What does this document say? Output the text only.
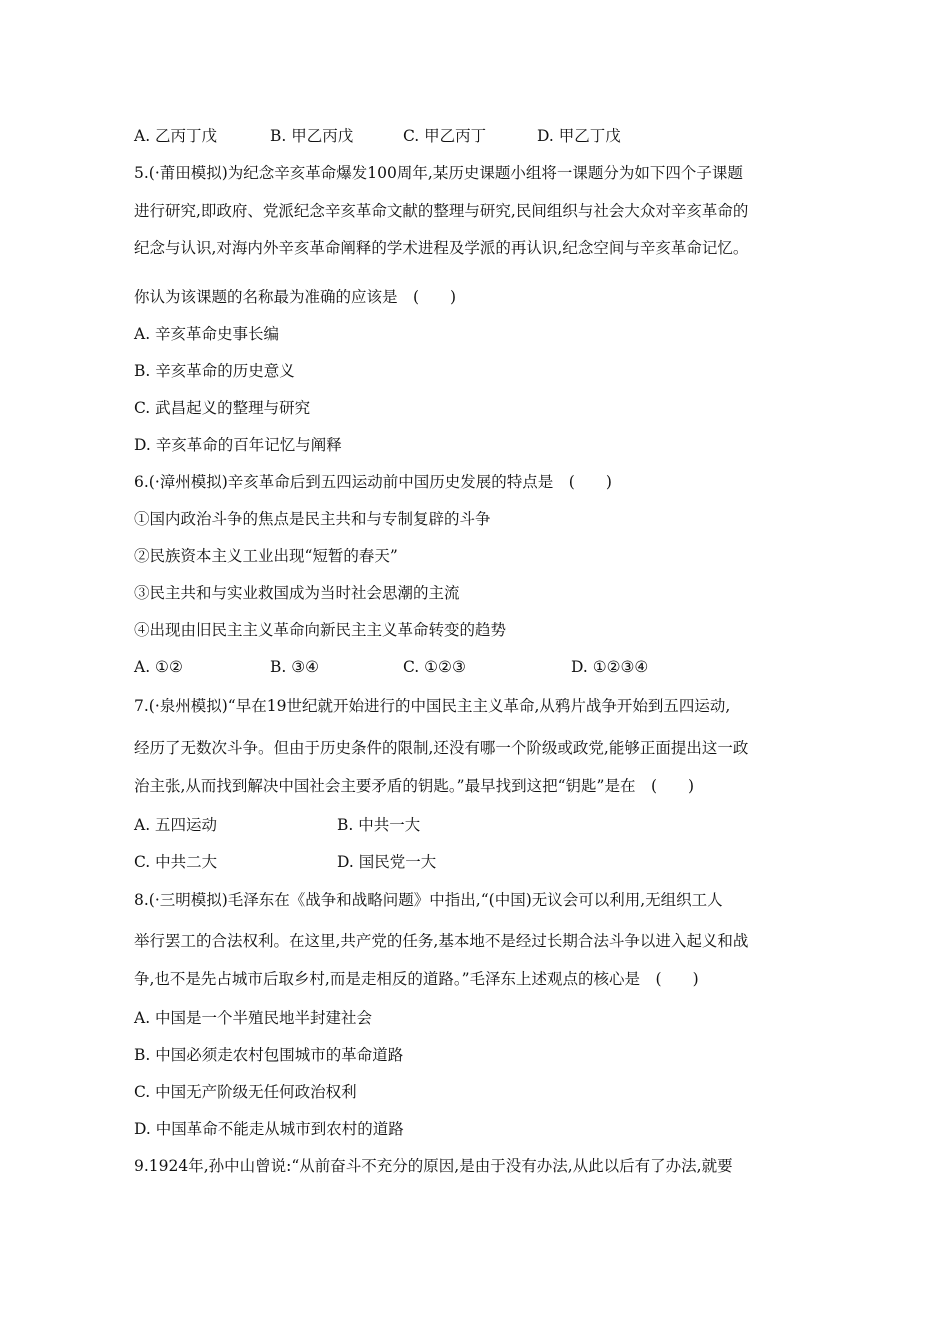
A. 乙丙丁戊	B. 甲乙丙戊	C. 甲乙丙丁	D. 甲乙丁戊
5.(·莆田模拟)为纪念辛亥革命爆发100周年,某历史课题小组将一课题分为如下四个子课题
进行研究,即政府、党派纪念辛亥革命文献的整理与研究,民间组织与社会大众对辛亥革命的
纪念与认识,对海内外辛亥革命阐释的学术进程及学派的再认识,纪念空间与辛亥革命记忆。
你认为该课题的名称最为准确的应该是　(　　)
A. 辛亥革命史事长编
B. 辛亥革命的历史意义
C. 武昌起义的整理与研究
D. 辛亥革命的百年记忆与阐释
6.(·漳州模拟)辛亥革命后到五四运动前中国历史发展的特点是　(　　)
①国内政治斗争的焦点是民主共和与专制复辟的斗争
②民族资本主义工业出现“短暂的春天”
③民主共和与实业救国成为当时社会思潮的主流
④出现由旧民主主义革命向新民主主义革命转变的趋势
A. ①②	B. ③④	C. ①②③	D. ①②③④
7.(·泉州模拟)“早在19世纪就开始进行的中国民主主义革命,从鸦片战争开始到五四运动,
经历了无数次斗争。但由于历史条件的限制,还没有哪一个阶级或政党,能够正面提出这一政
治主张,从而找到解决中国社会主要矛盾的钥匙。”最早找到这把“钥匙”是在　(　　)
A. 五四运动	B. 中共一大
C. 中共二大	D. 国民党一大
8.(·三明模拟)毛泽东在《战争和战略问题》中指出,“(中国)无议会可以利用,无组织工人
举行罢工的合法权利。在这里,共产党的任务,基本地不是经过长期合法斗争以进入起义和战
争,也不是先占城市后取乡村,而是走相反的道路。”毛泽东上述观点的核心是　(　　)
A. 中国是一个半殖民地半封建社会
B. 中国必须走农村包围城市的革命道路
C. 中国无产阶级无任何政治权利
D. 中国革命不能走从城市到农村的道路
9.1924年,孙中山曾说:“从前奋斗不充分的原因,是由于没有办法,从此以后有了办法,就要
